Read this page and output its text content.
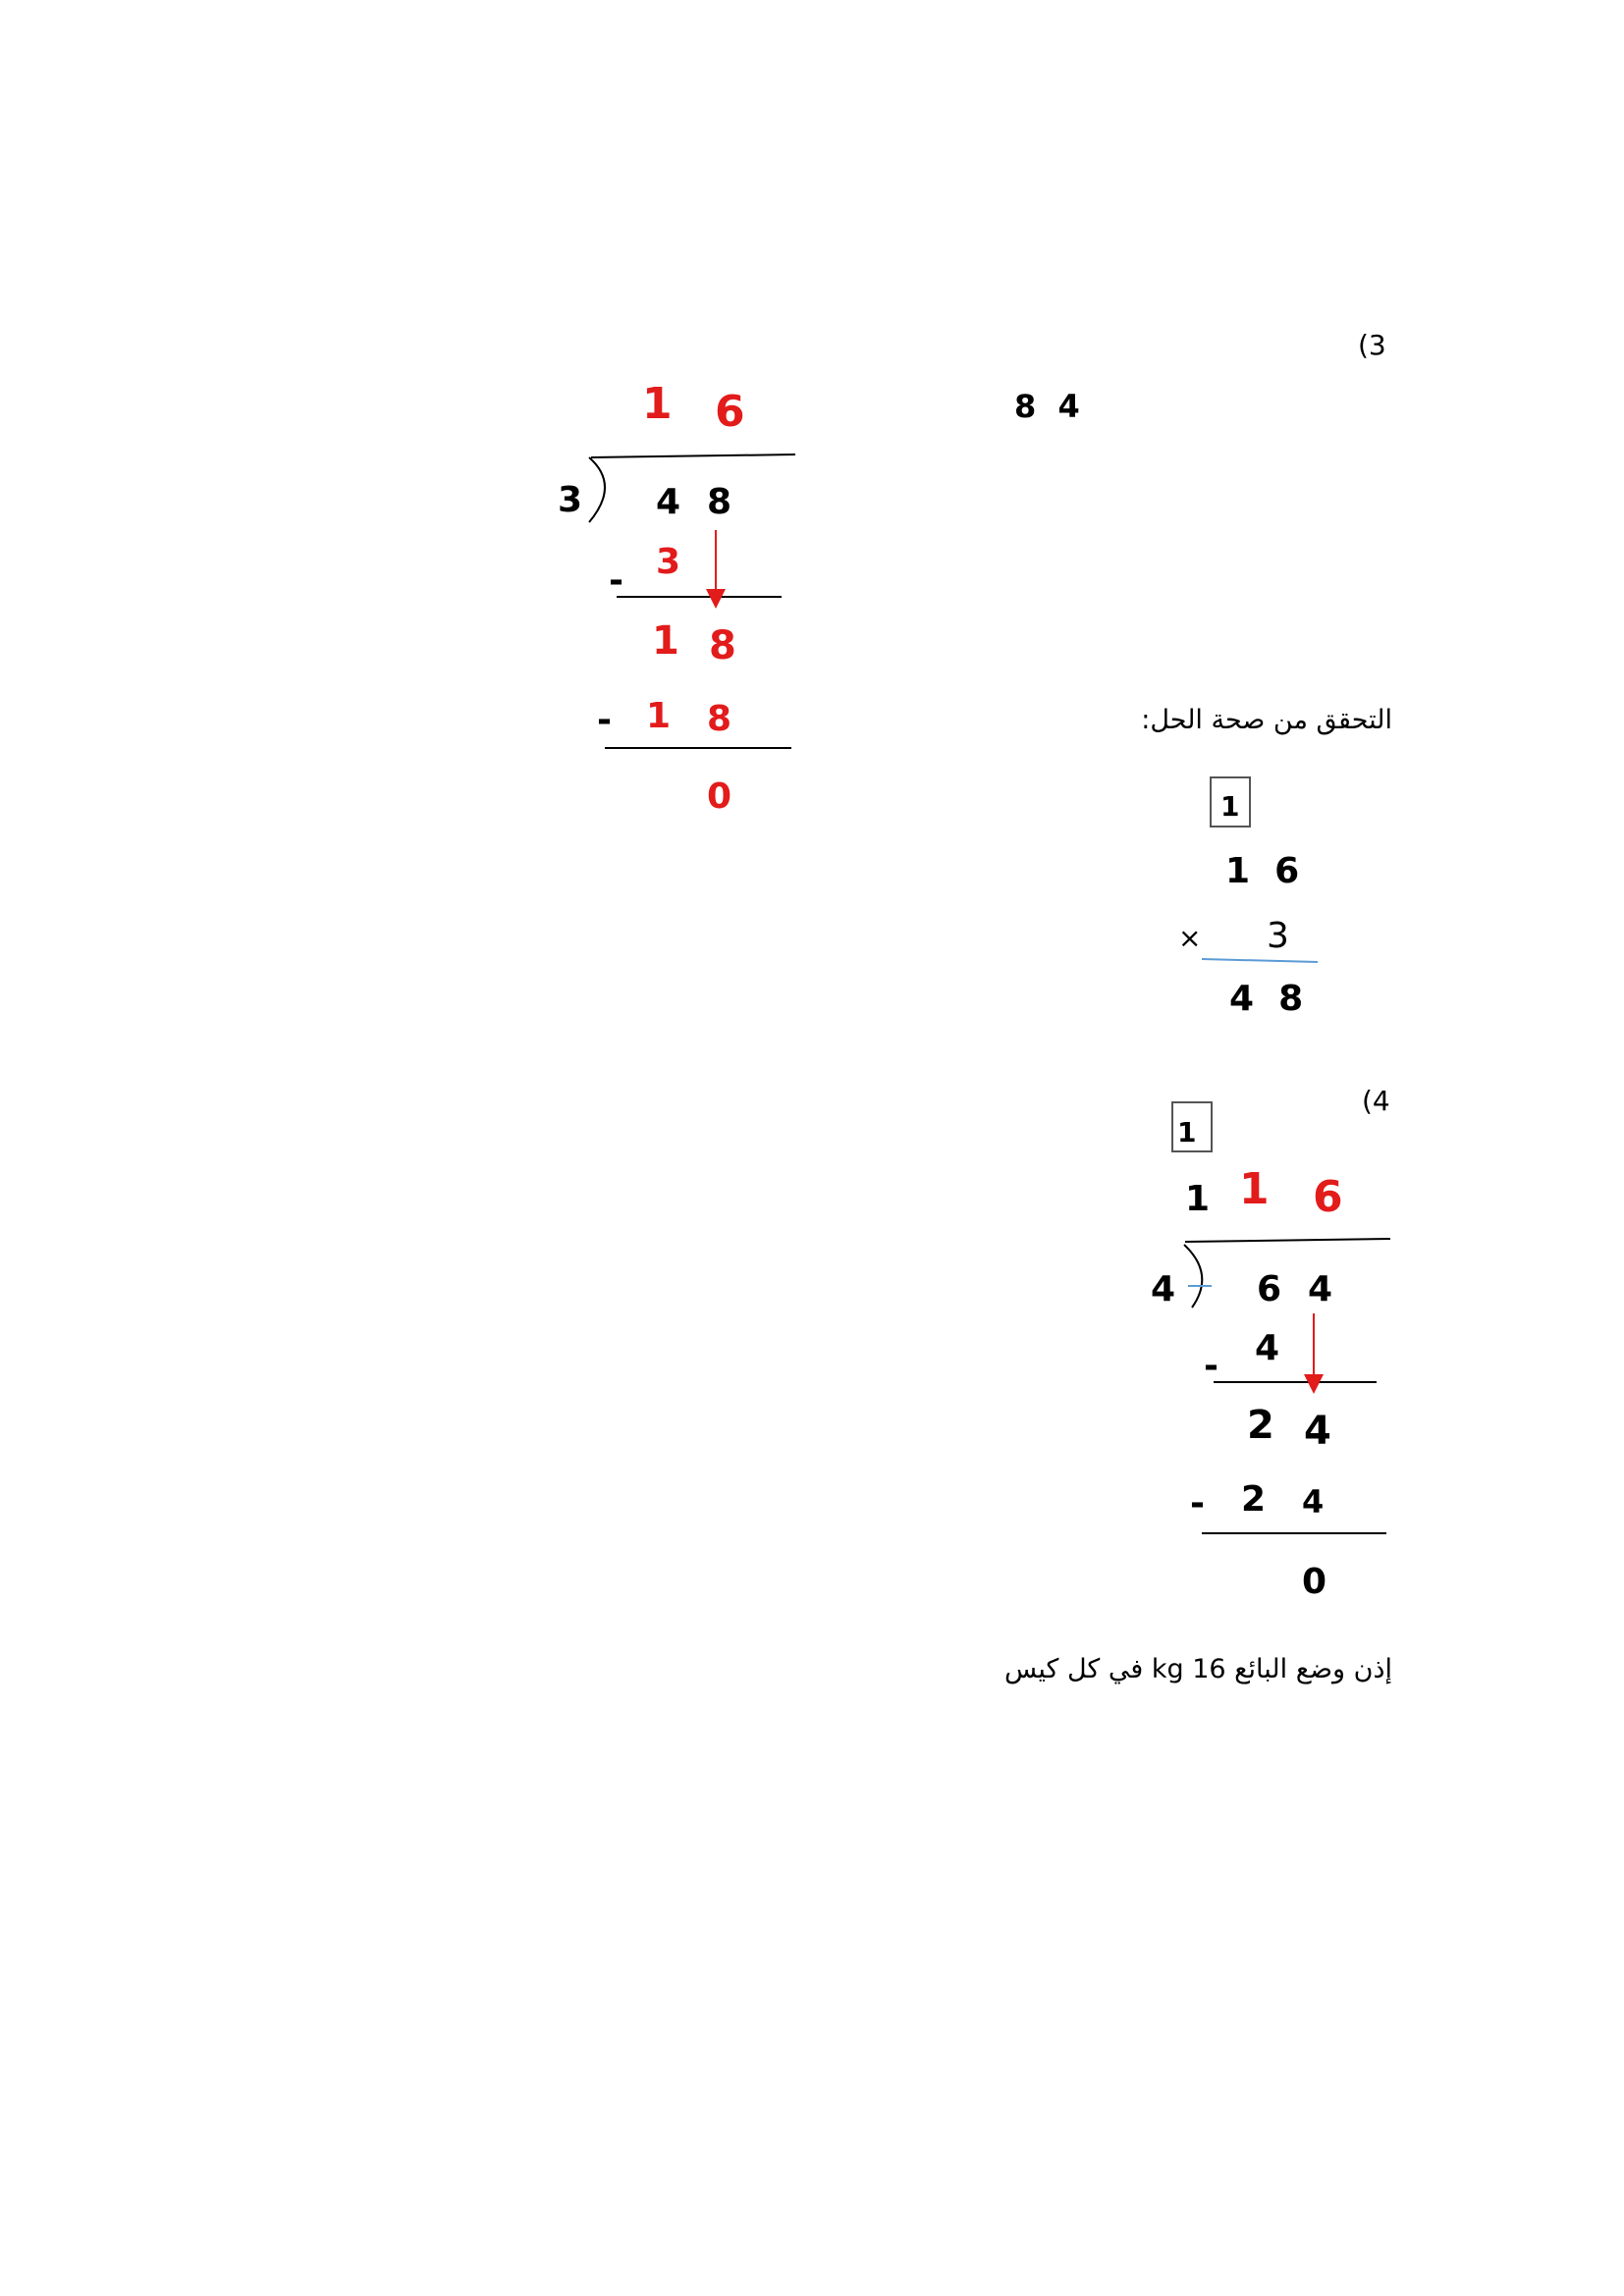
(3
8  4
1 6
3 4 8
3
-
1 8
- 1 8
0
التحقق من صحة الحل:
1
1  6
× 3
4  8
(4
1
1 1 6
4 6 4
4
-
2 4
- 2 4
0
إذن وضع البائع 16 kg في كل كيس
